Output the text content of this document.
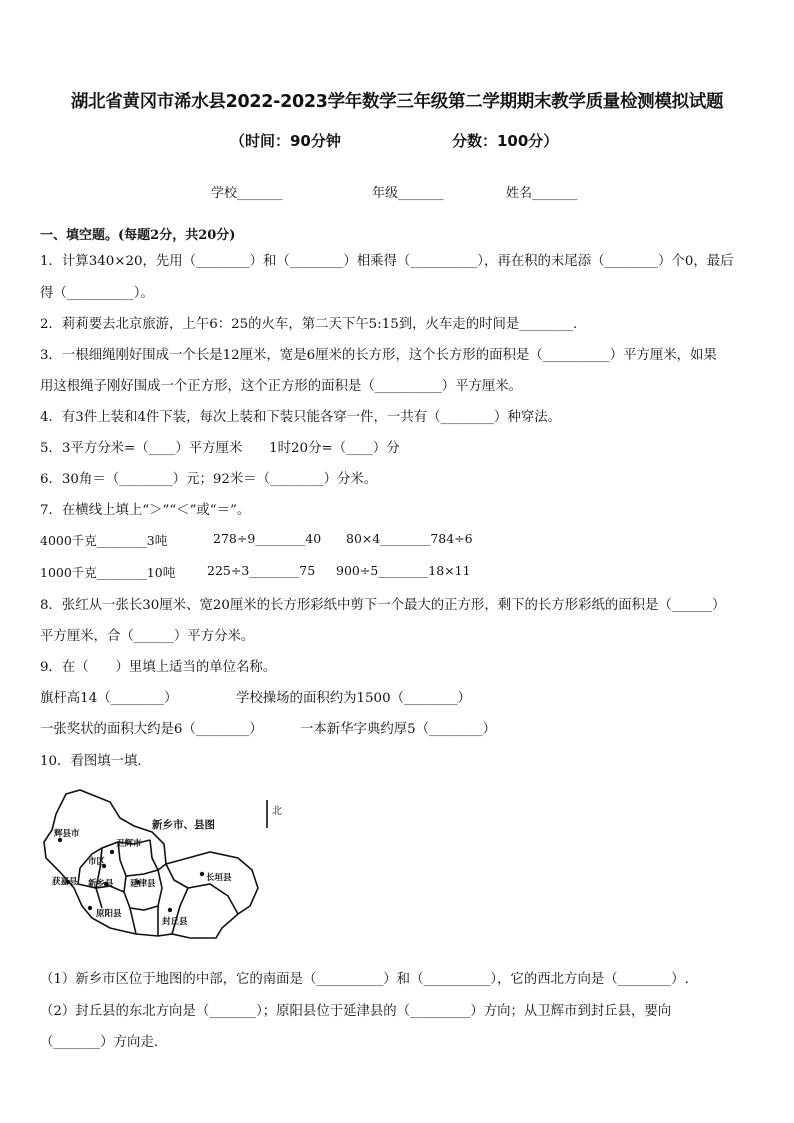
湖北省黄冈市浠水县2022-2023学年数学三年级第二学期期末教学质量检测模拟试题
（时间：90分钟	分数：100分）
学校_______	年级_______	姓名_______
一、填空题。(每题2分，共20分)
1．计算340×20，先用（________）和（________）相乘得（__________），再在积的末尾添（________）个0，最后
得（__________）。
2．莉莉要去北京旅游，上午6：25的火车，第二天下午5:15到，火车走的时间是________.
3．一根细绳刚好围成一个长是12厘米，宽是6厘米的长方形，这个长方形的面积是（__________）平方厘米，如果
用这根绳子刚好围成一个正方形，这个正方形的面积是（__________）平方厘米。
4．有3件上装和4件下装，每次上装和下装只能各穿一件，一共有（________）种穿法。
5．3平方分米=（____）平方厘米　　1时20分=（____）分
6．30角＝（________）元；92米＝（________）分米。
7．在横线上填上“＞”“＜”或“＝”。
4000千克________3吨	278÷9________40 80×4________784÷6
1000千克________10吨	225÷3________75 900÷5________18×11
8．张红从一张长30厘米、宽20厘米的长方形彩纸中剪下一个最大的正方形，剩下的长方形彩纸的面积是（______）
平方厘米，合（______）平方分米。
9．在（　　）里填上适当的单位名称。
旗杆高14（________）	学校操场的面积约为1500（________）
一张奖状的面积大约是6（________）	一本新华字典约厚5（________）
10．看图填一填．
北
新乡市、县图
辉县市
卫辉市
市区
获嘉县 新乡县 延津县
长垣县
原阳县
封丘县
（1）新乡市区位于地图的中部，它的南面是（__________）和（__________），它的西北方向是（________）.
（2）封丘县的东北方向是（_______）；原阳县位于延津县的（_________）方向；从卫辉市到封丘县，要向
（_______）方向走.
